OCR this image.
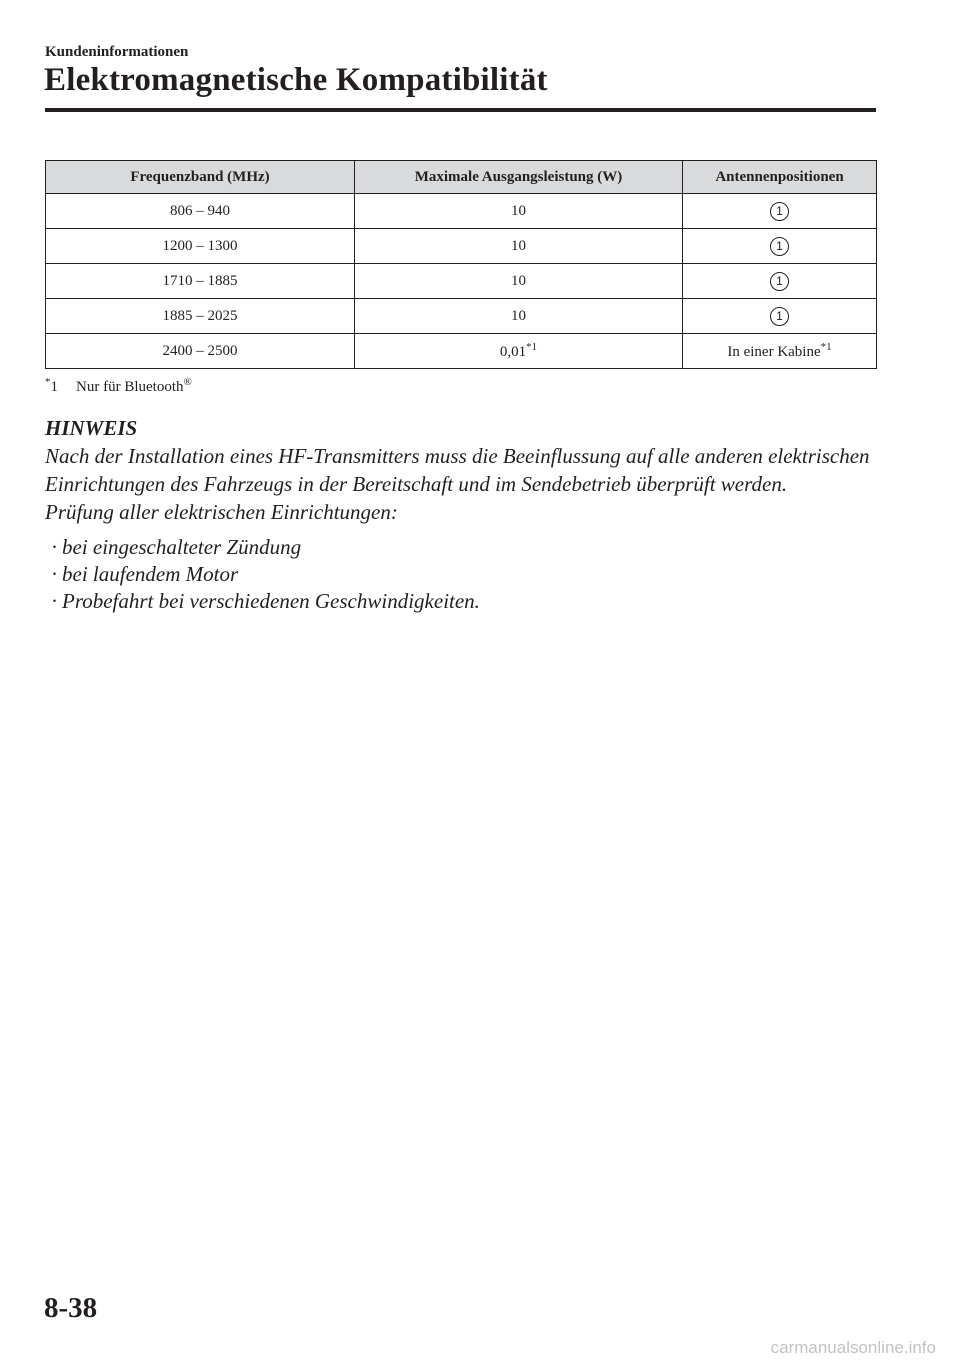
Kundeninformationen
Elektromagnetische Kompatibilität
Frequenzband (MHz)	Maximale Ausgangsleistung (W)	Antennenpositionen
806 – 940	10	1
1200 – 1300	10	1
1710 – 1885	10	1
1885 – 2025	10	1
2400 – 2500	0,01$^{*1}$	In einer Kabine$^{*1}$
*1 Nur für Bluetooth®
HINWEIS
Nach der Installation eines HF-Transmitters muss die Beeinflussung auf alle anderen elektrischen Einrichtungen des Fahrzeugs in der Bereitschaft und im Sendebetrieb überprüft werden.
Prüfung aller elektrischen Einrichtungen:
· bei eingeschalteter Zündung
· bei laufendem Motor
· Probefahrt bei verschiedenen Geschwindigkeiten.
8-38
carmanualsonline.info
